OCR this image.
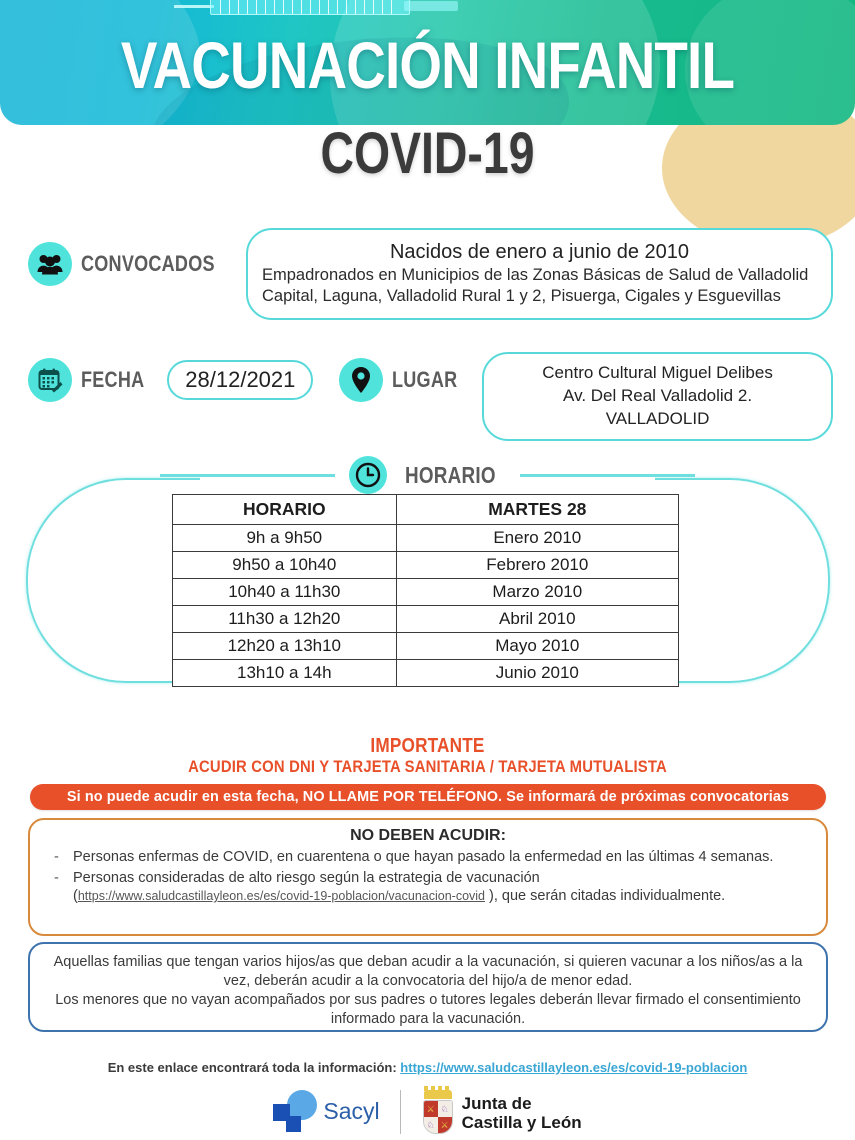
VACUNACIÓN INFANTIL
COVID-19
CONVOCADOS	Nacidos de enero a junio de 2010
Empadronados en Municipios de las Zonas Básicas de Salud de Valladolid Capital, Laguna, Valladolid Rural 1 y 2, Pisuerga, Cigales y Esguevillas
FECHA	28/12/2021	LUGAR	Centro Cultural Miguel Delibes
Av. Del Real Valladolid 2.
VALLADOLID
HORARIO
HORARIO	MARTES 28
9h a 9h50	Enero 2010
9h50 a 10h40	Febrero 2010
10h40 a 11h30	Marzo 2010
11h30 a 12h20	Abril 2010
12h20 a 13h10	Mayo 2010
13h10 a 14h	Junio 2010
IMPORTANTE
ACUDIR CON DNI Y TARJETA SANITARIA / TARJETA MUTUALISTA
Si no puede acudir en esta fecha, NO LLAME POR TELÉFONO. Se informará de próximas convocatorias
NO DEBEN ACUDIR:
- Personas enfermas de COVID, en cuarentena o que hayan pasado la enfermedad en las últimas 4 semanas.
- Personas consideradas de alto riesgo según la estrategia de vacunación
(https://www.saludcastillayleon.es/es/covid-19-poblacion/vacunacion-covid ), que serán citadas individualmente.
Aquellas familias que tengan varios hijos/as que deban acudir a la vacunación, si quieren vacunar a los niños/as a la vez, deberán acudir a la convocatoria del hijo/a de menor edad.
Los menores que no vayan acompañados por sus padres o tutores legales deberán llevar firmado el consentimiento informado para la vacunación.
En este enlace encontrará toda la información: https://www.saludcastillayleon.es/es/covid-19-poblacion
Sacyl	⚔ ♘
♘ ⚔
Junta de
Castilla y León
